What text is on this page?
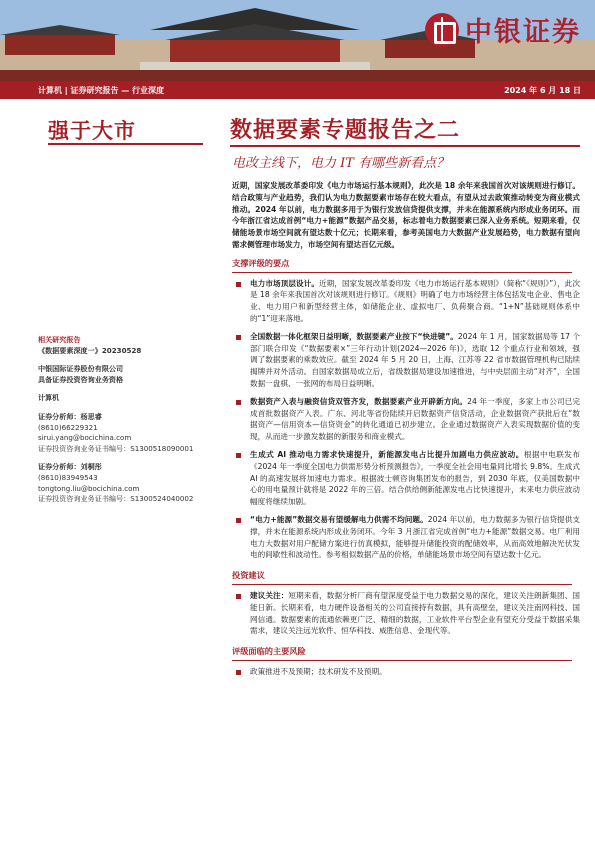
中银证券
计算机 | 证券研究报告 — 行业深度	2024 年 6 月 18 日
强于大市	数据要素专题报告之二
电改主线下，电力 IT 有哪些新看点？
相关研究报告
《数据要素深度一》20230528
中银国际证券股份有限公司
具备证券投资咨询业务资格
计算机
证券分析师：杨思睿
(8610)66229321
sirui.yang@bocichina.com
证券投资咨询业务证书编号：S1300518090001
证券分析师：刘桐彤
(8610)83949543
tongtong.liu@bocichina.com
证券投资咨询业务证书编号：S1300524040002
近期，国家发展改革委印发《电力市场运行基本规则》，此次是 18 余年来我国首次对该规则进行修订。结合政策与产业趋势，我们认为电力数据要素市场存在较大看点，有望从过去政策推动转变为商业模式推动。2024 年以前，电力数据多用于为银行发放信贷提供支撑，并未在能源系统内形成业务闭环。而今年浙江省达成首例“电力+能源”数据产品交易，标志着电力数据要素已深入业务系统。短期来看，仅储能场景市场空间就有望达数十亿元；长期来看，参考美国电力大数据产业发展趋势，电力数据有望向需求侧管理市场发力，市场空间有望达百亿元级。
支撑评级的要点
电力市场顶层设计。近期，国家发展改革委印发《电力市场运行基本规则》（简称“《规则》”），此次是 18 余年来我国首次对该规则进行修订。《规则》明确了电力市场经营主体包括发电企业、售电企业、电力用户和新型经营主体，如储能企业、虚拟电厂、负荷聚合商。“1+N”基础规则体系中的“1”迎来落地。
全国数据一体化框架日益明晰，数据要素产业按下“快进键”。2024 年 1 月，国家数据局等 17 个部门联合印发《“数据要素×”三年行动计划(2024—2026 年)》，选取 12 个重点行业和领域，强调了数据要素的乘数效应。截至 2024 年 5 月 20 日，上海、江苏等 22 省市数据管理机构已陆续揭牌并对外活动。自国家数据局成立后，省级数据局建设加速推进，与中央层面主动“对齐”，全国数据一盘棋、一张网的布局日益明晰。
数据资产入表与融资信贷双管齐发，数据要素产业开辟新方向。24 年一季度，多家上市公司已完成首批数据资产入表。广东、河北等省份陆续开启数据资产信贷活动，企业数据资产获批后在“数据资产—信用资本—信贷资金”的转化通道已初步建立。企业通过数据资产入表实现数据价值的变现，从而进一步激发数据的新服务和商业模式。
生成式 AI 推动电力需求快速提升，新能源发电占比提升加剧电力供应波动。根据中电联发布《2024 年一季度全国电力供需形势分析预测报告》，一季度全社会用电量同比增长 9.8%。生成式 AI 的高速发展将加速电力需求。根据波士顿咨询集团发布的报告，到 2030 年底，仅美国数据中心的用电量预计就将是 2022 年的三倍。结合供给侧新能源发电占比快速提升，未来电力供应波动幅度将继续加剧。
“电力+能源”数据交易有望缓解电力供需不均问题。2024 年以前，电力数据多为银行信贷提供支撑，并未在能源系统内形成业务闭环。今年 3 月浙江省完成首例“电力+能源”数据交易。电厂利用电力大数据对用户配储方案进行仿真模拟，能够提升储能投资的配储效率，从而高效地解决光伏发电的间歇性和波动性。参考相似数据产品的价格，单储能场景市场空间有望达数十亿元。
投资建议
建议关注：短期来看，数据分析厂商有望深度受益于电力数据交易的深化，建议关注朗新集团、国能日新。长期来看，电力硬件设备相关的公司直接持有数据，具有高壁垒，建议关注南网科技、国网信通。数据要素的流通依赖更广泛、精细的数据，工业软件平台型企业有望充分受益于数据采集需求，建议关注远光软件、恒华科技、威胜信息、金现代等。
评级面临的主要风险
政策推进不及预期；技术研发不及预期。
